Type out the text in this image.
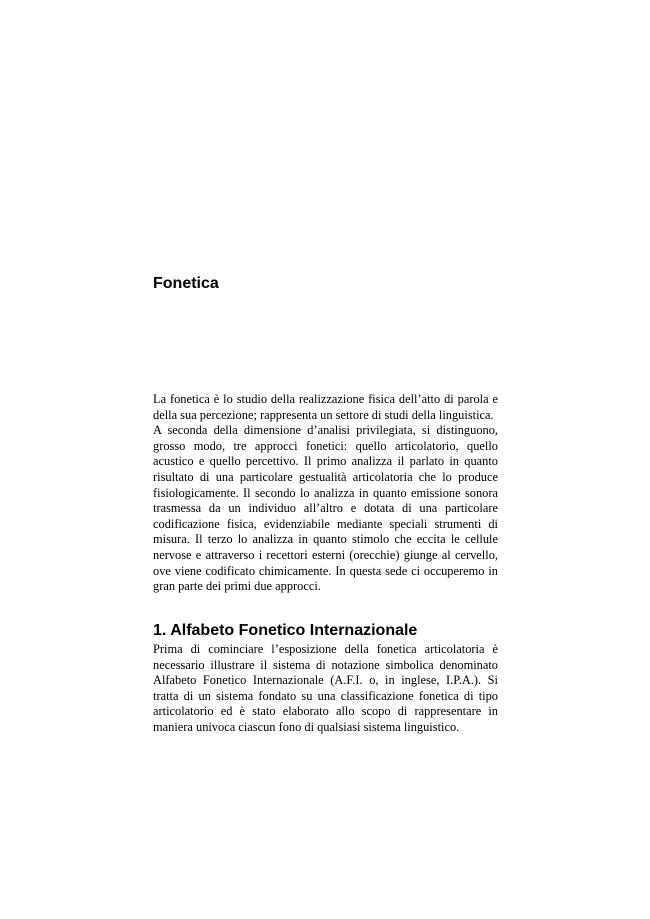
Fonetica

La fonetica è lo studio della realizzazione fisica dell’atto di parola e della sua percezione; rappresenta un settore di studi della linguistica.

A seconda della dimensione d’analisi privilegiata, si distinguono, grosso modo, tre approcci fonetici: quello articolatorio, quello acustico e quello percettivo. Il primo analizza il parlato in quanto risultato di una particolare gestualità articolatoria che lo produce fisiologicamente. Il secondo lo analizza in quanto emissione sonora trasmessa da un individuo all’altro e dotata di una particolare codificazione fisica, evidenziabile mediante speciali strumenti di misura. Il terzo lo analizza in quanto stimolo che eccita le cellule nervose e attraverso i recettori esterni (orecchie) giunge al cervello, ove viene codificato chimicamente. In questa sede ci occuperemo in gran parte dei primi due approcci.

1. Alfabeto Fonetico Internazionale

Prima di cominciare l’esposizione della fonetica articolatoria è necessario illustrare il sistema di notazione simbolica denominato Alfabeto Fonetico Internazionale (A.F.I. o, in inglese, I.P.A.). Si tratta di un sistema fondato su una classificazione fonetica di tipo articolatorio ed è stato elaborato allo scopo di rappresentare in maniera univoca ciascun fono di qualsiasi sistema linguistico.
